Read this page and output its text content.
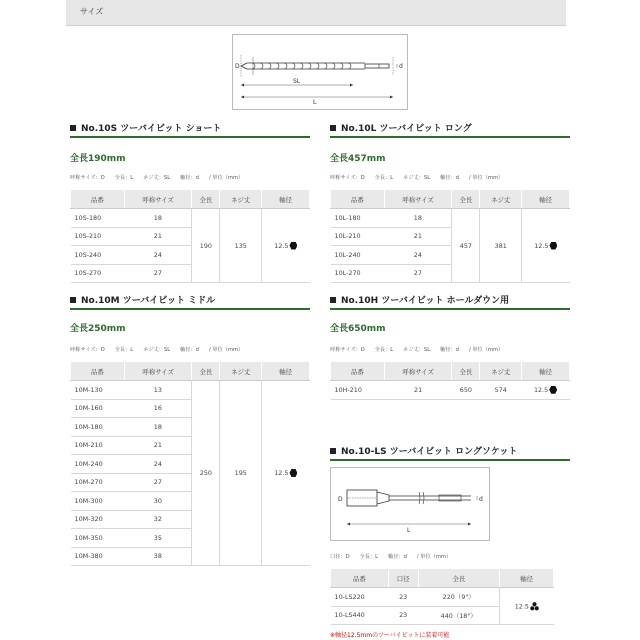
サイズ
D
SL
L
d
No.10S ツーバイビット ショート
全長190mm
呼称サイズ：D 全長：L ネジ丈：SL 軸径：d / 単位（mm）
品番	呼称サイズ	全長	ネジ丈	軸径
10S-180	18	190	135	12.5
10S-210	21			
10S-240	24			
10S-270	27			
No.10L ツーバイビット ロング
全長457mm
呼称サイズ：D 全長：L ネジ丈：SL 軸径：d / 単位（mm）
品番	呼称サイズ	全長	ネジ丈	軸径
10L-180	18	457	381	12.5
10L-210	21			
10L-240	24			
10L-270	27			
No.10M ツーバイビット ミドル
全長250mm
呼称サイズ：D 全長：L ネジ丈：SL 軸径：d / 単位（mm）
品番	呼称サイズ	全長	ネジ丈	軸径
10M-130	13	250	195	12.5
10M-160	16			
10M-180	18			
10M-210	21			
10M-240	24			
10M-270	27			
10M-300	30			
10M-320	32			
10M-350	35			
10M-380	38			
No.10H ツーバイビット ホールダウン用
全長650mm
呼称サイズ：D 全長：L ネジ丈：SL 軸径：d / 単位（mm）
品番	呼称サイズ	全長	ネジ丈	軸径
10H-210	21	650	574	12.5
No.10-LS ツーバイビット ロングソケット
D
L
d
口径：D 全長：L 軸径：d / 単位（mm）
品番	口径	全長	軸径
10-LS220	23	220（9"）	12.5
10-LS440	23	440（18"）	
※軸径12.5mmのツーバイビットに装着可能
